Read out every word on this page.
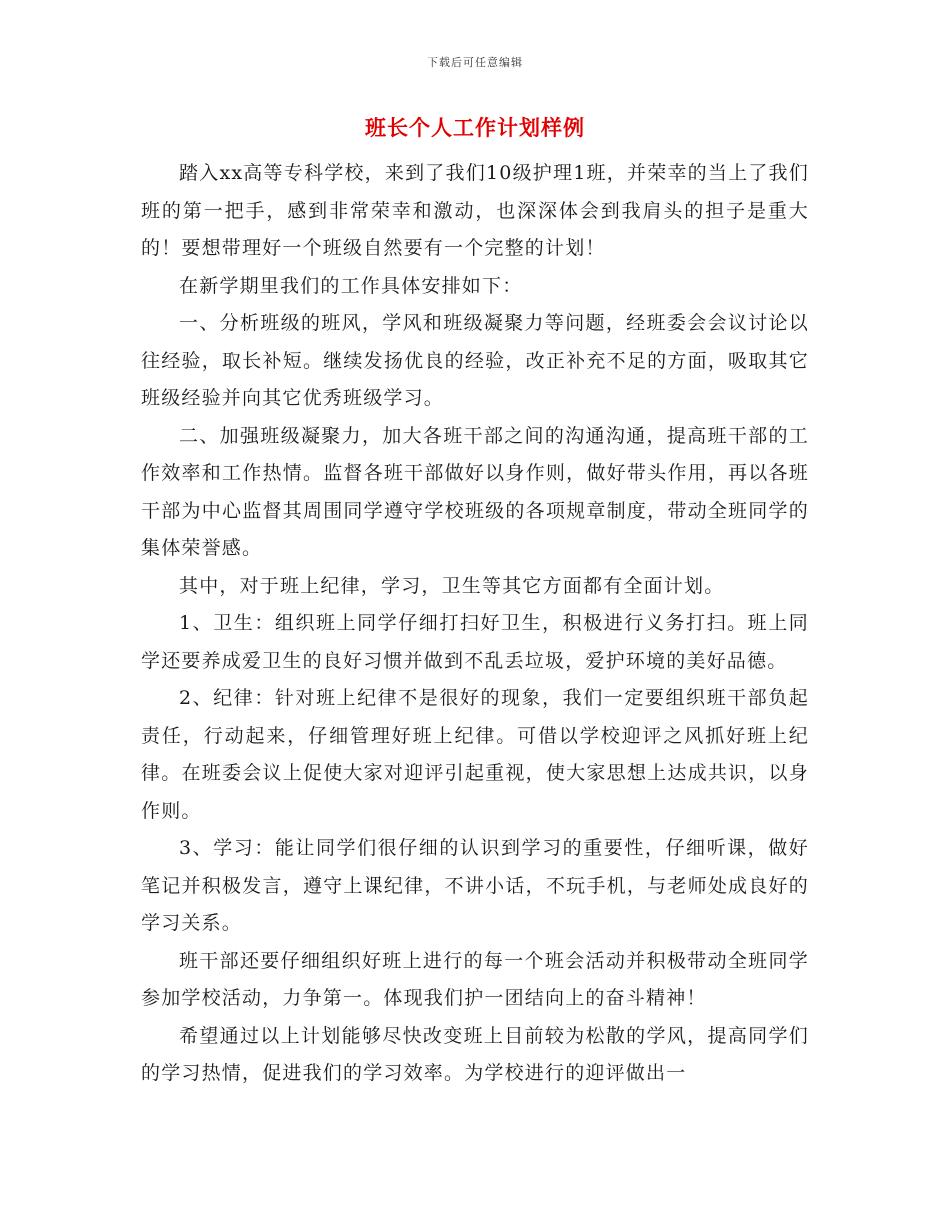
下载后可任意编辑
班长个人工作计划样例

踏入xx高等专科学校，来到了我们10级护理1班，并荣幸的当上了我们班的第一把手，感到非常荣幸和激动，也深深体会到我肩头的担子是重大的！要想带理好一个班级自然要有一个完整的计划！

在新学期里我们的工作具体安排如下：

一、分析班级的班风，学风和班级凝聚力等问题，经班委会会议讨论以往经验，取长补短。继续发扬优良的经验，改正补充不足的方面，吸取其它班级经验并向其它优秀班级学习。

二、加强班级凝聚力，加大各班干部之间的沟通沟通，提高班干部的工作效率和工作热情。监督各班干部做好以身作则，做好带头作用，再以各班干部为中心监督其周围同学遵守学校班级的各项规章制度，带动全班同学的集体荣誉感。

其中，对于班上纪律，学习，卫生等其它方面都有全面计划。

1、卫生：组织班上同学仔细打扫好卫生，积极进行义务打扫。班上同学还要养成爱卫生的良好习惯并做到不乱丢垃圾，爱护环境的美好品德。

2、纪律：针对班上纪律不是很好的现象，我们一定要组织班干部负起责任，行动起来，仔细管理好班上纪律。可借以学校迎评之风抓好班上纪律。在班委会议上促使大家对迎评引起重视，使大家思想上达成共识，以身作则。

3、学习：能让同学们很仔细的认识到学习的重要性，仔细听课，做好笔记并积极发言，遵守上课纪律，不讲小话，不玩手机，与老师处成良好的学习关系。

班干部还要仔细组织好班上进行的每一个班会活动并积极带动全班同学参加学校活动，力争第一。体现我们护一团结向上的奋斗精神！

希望通过以上计划能够尽快改变班上目前较为松散的学风，提高同学们的学习热情，促进我们的学习效率。为学校进行的迎评做出一
